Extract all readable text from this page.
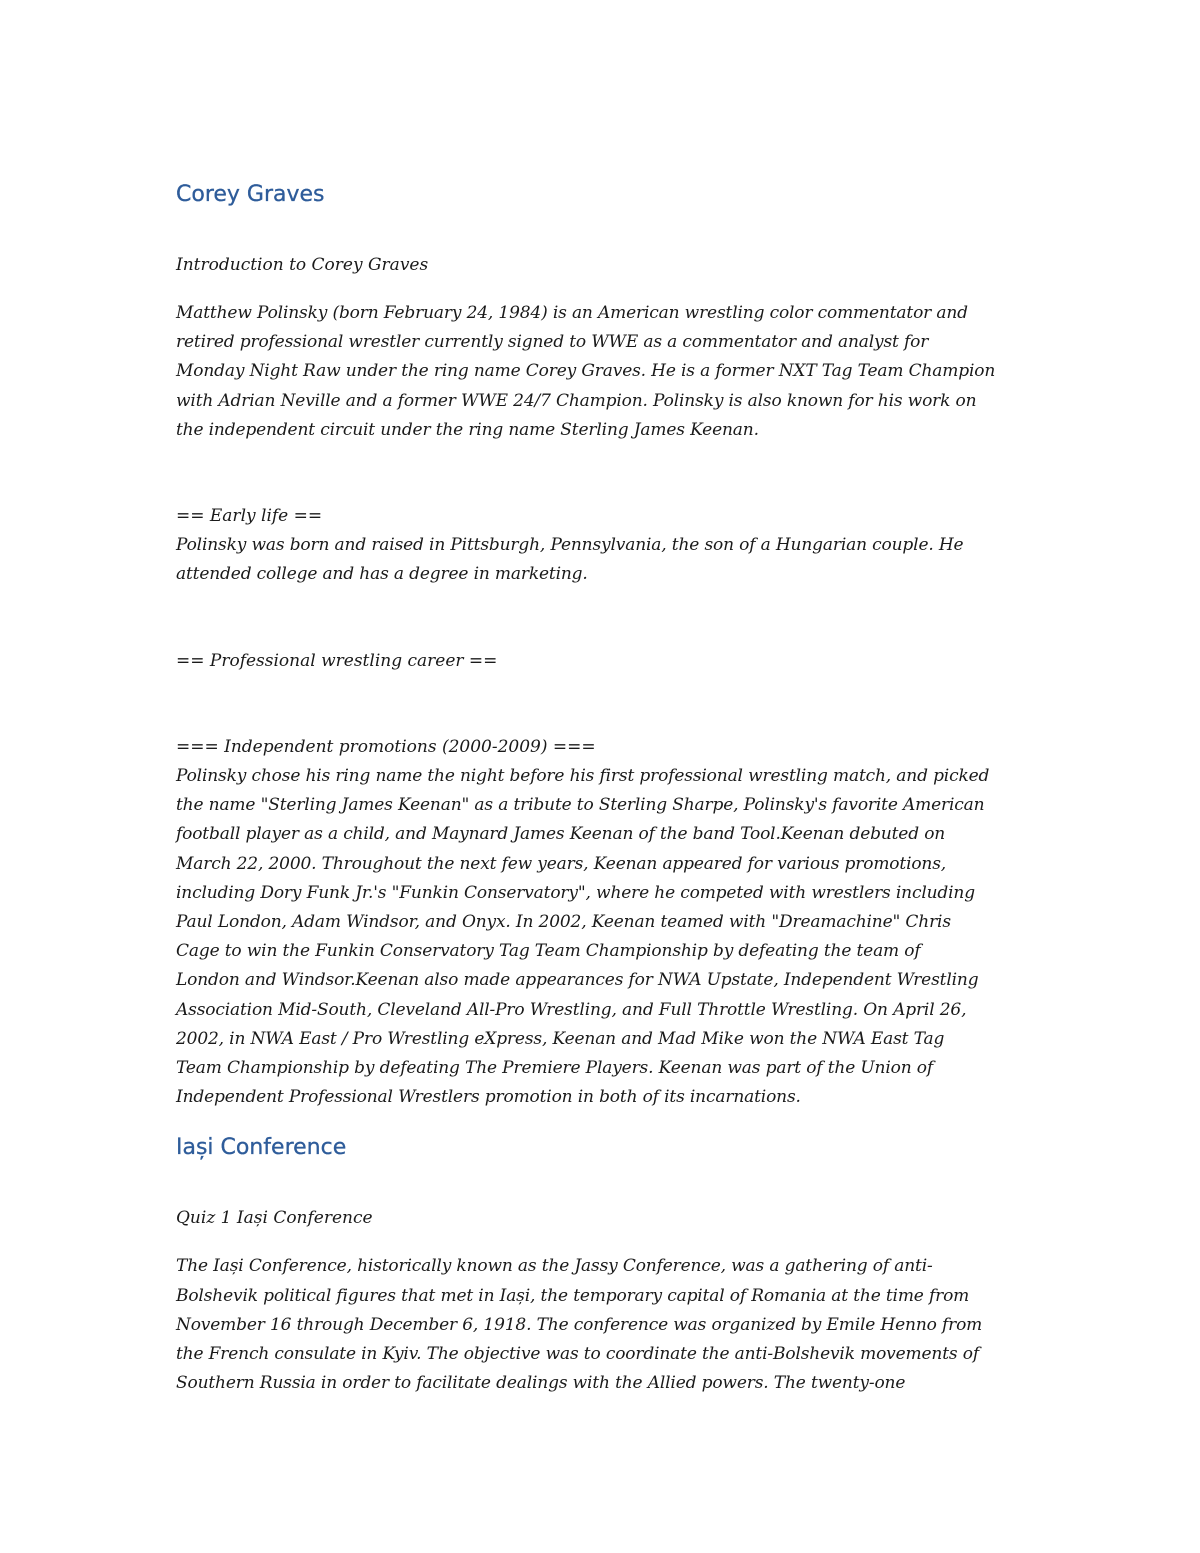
Corey Graves

Introduction to Corey Graves

Matthew Polinsky (born February 24, 1984) is an American wrestling color commentator and
retired professional wrestler currently signed to WWE as a commentator and analyst for
Monday Night Raw under the ring name Corey Graves. He is a former NXT Tag Team Champion
with Adrian Neville and a former WWE 24/7 Champion. Polinsky is also known for his work on
the independent circuit under the ring name Sterling James Keenan.

== Early life ==

Polinsky was born and raised in Pittsburgh, Pennsylvania, the son of a Hungarian couple. He
attended college and has a degree in marketing.

== Professional wrestling career ==

=== Independent promotions (2000-2009) ===

Polinsky chose his ring name the night before his first professional wrestling match, and picked
the name "Sterling James Keenan" as a tribute to Sterling Sharpe, Polinsky's favorite American
football player as a child, and Maynard James Keenan of the band Tool.Keenan debuted on
March 22, 2000. Throughout the next few years, Keenan appeared for various promotions,
including Dory Funk Jr.'s "Funkin Conservatory", where he competed with wrestlers including
Paul London, Adam Windsor, and Onyx. In 2002, Keenan teamed with "Dreamachine" Chris
Cage to win the Funkin Conservatory Tag Team Championship by defeating the team of
London and Windsor.Keenan also made appearances for NWA Upstate, Independent Wrestling
Association Mid-South, Cleveland All-Pro Wrestling, and Full Throttle Wrestling. On April 26,
2002, in NWA East / Pro Wrestling eXpress, Keenan and Mad Mike won the NWA East Tag
Team Championship by defeating The Premiere Players. Keenan was part of the Union of
Independent Professional Wrestlers promotion in both of its incarnations.

Iași Conference

Quiz 1 Iași Conference

The Iași Conference, historically known as the Jassy Conference, was a gathering of anti-
Bolshevik political figures that met in Iași, the temporary capital of Romania at the time from
November 16 through December 6, 1918. The conference was organized by Emile Henno from
the French consulate in Kyiv. The objective was to coordinate the anti-Bolshevik movements of
Southern Russia in order to facilitate dealings with the Allied powers. The twenty-one
